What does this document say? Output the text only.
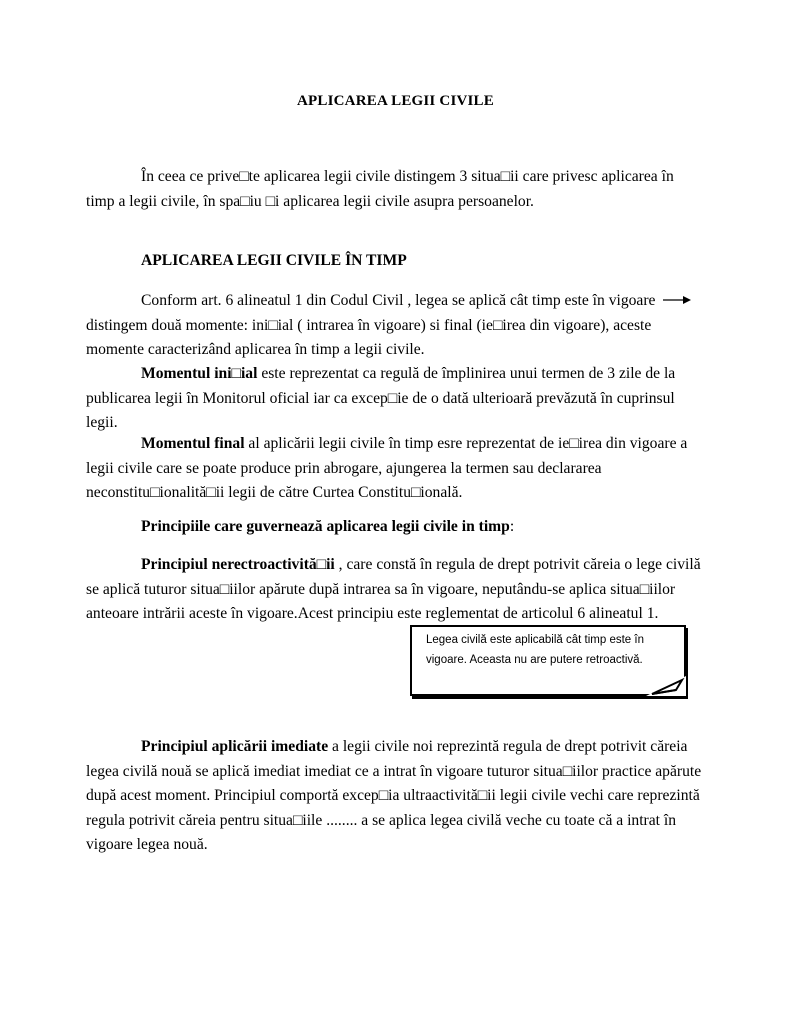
APLICAREA LEGII CIVILE
În ceea ce prive□te aplicarea legii civile distingem 3 situa□ii care privesc aplicarea în timp a legii civile, în spa□iu □i aplicarea legii civile asupra persoanelor.
APLICAREA LEGII CIVILE ÎN TIMP
Conform art. 6 alineatul 1 din Codul Civil , legea se aplică cât timp este în vigoare  distingem două momente: ini□ial ( intrarea în vigoare) si final (ie□irea din vigoare), aceste momente caracterizând aplicarea în timp a legii civile.
Momentul ini□ial este reprezentat ca regulă de împlinirea unui termen de 3 zile de la publicarea legii în Monitorul oficial iar ca excep□ie de o dată ulterioară prevăzută în cuprinsul legii.
Momentul final al aplicării legii civile în timp esre reprezentat de ie□irea din vigoare a legii civile care se poate produce prin abrogare, ajungerea la termen sau declararea neconstitu□ionalită□ii legii de către Curtea Constitu□ională.
Principiile care guvernează aplicarea legii civile in timp:
Principiul nerectroactivită□ii , care constă în regula de drept potrivit căreia o lege civilă se aplică tuturor situa□iilor apărute după intrarea sa în vigoare, neputându-se aplica situa□iilor anteoare intrării aceste în vigoare.Acest principiu este reglementat de articolul 6 alineatul 1.
Legea civilă este aplicabilă cât timp este în vigoare. Aceasta nu are putere retroactivă.
Principiul aplicării imediate a legii civile noi reprezintă regula de drept potrivit căreia legea civilă nouă se aplică imediat imediat ce a intrat în vigoare tuturor situa□iilor practice apărute după acest moment. Principiul comportă excep□ia ultraactivită□ii legii civile vechi care reprezintă regula potrivit căreia pentru situa□iile ........ a se aplica legea civilă veche cu toate că a intrat în vigoare legea nouă.
